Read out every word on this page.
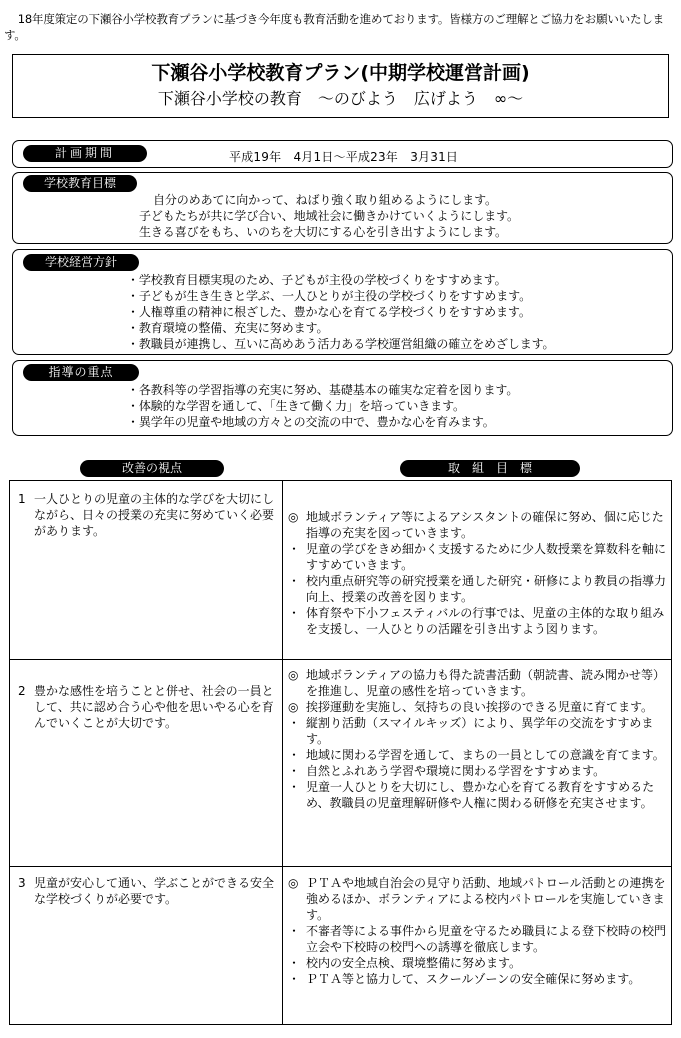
18年度策定の下瀬谷小学校教育プランに基づき今年度も教育活動を進めております。皆様方のご理解とご協力をお願いいたします。
下瀬谷小学校教育プラン(中期学校運営計画)
下瀬谷小学校の教育　～のびよう　広げよう　∞～
計画期間	平成19年　4月1日～平成23年　3月31日
学校教育目標
自分のめあてに向かって、ねばり強く取り組めるようにします。
子どもたちが共に学び合い、地域社会に働きかけていくようにします。
生きる喜びをもち、いのちを大切にする心を引き出すようにします。
学校経営方針
・学校教育目標実現のため、子どもが主役の学校づくりをすすめます。
・子どもが生き生きと学ぶ、一人ひとりが主役の学校づくりをすすめます。
・人権尊重の精神に根ざした、豊かな心を育てる学校づくりをすすめます。
・教育環境の整備、充実に努めます。
・教職員が連携し、互いに高めあう活力ある学校運営組織の確立をめざします。
指導の重点
・各教科等の学習指導の充実に努め、基礎基本の確実な定着を図ります。
・体験的な学習を通して、「生きて働く力」を培っていきます。
・異学年の児童や地域の方々との交流の中で、豊かな心を育みます。
改善の視点	取　組　目　標
1 一人ひとりの児童の主体的な学びを大切にしながら、日々の授業の充実に努めていく必要があります。
◎ 地域ボランティア等によるアシスタントの確保に努め、個に応じた指導の充実を図っていきます。
・ 児童の学びをきめ細かく支援するために少人数授業を算数科を軸にすすめていきます。
・ 校内重点研究等の研究授業を通した研究・研修により教員の指導力向上、授業の改善を図ります。
・ 体育祭や下小フェスティバルの行事では、児童の主体的な取り組みを支援し、一人ひとりの活躍を引き出すよう図ります。
2 豊かな感性を培うことと併せ、社会の一員として、共に認め合う心や他を思いやる心を育んでいくことが大切です。
◎ 地域ボランティアの協力も得た読書活動（朝読書、読み聞かせ等）を推進し、児童の感性を培っていきます。
◎ 挨拶運動を実施し、気持ちの良い挨拶のできる児童に育てます。
・ 縦割り活動（スマイルキッズ）により、異学年の交流をすすめます。
・ 地域に関わる学習を通して、まちの一員としての意識を育てます。
・ 自然とふれあう学習や環境に関わる学習をすすめます。
・ 児童一人ひとりを大切にし、豊かな心を育てる教育をすすめるため、教職員の児童理解研修や人権に関わる研修を充実させます。
3 児童が安心して通い、学ぶことができる安全な学校づくりが必要です。
◎ ＰＴＡや地域自治会の見守り活動、地域パトロール活動との連携を強めるほか、ボランティアによる校内パトロールを実施していきます。
・ 不審者等による事件から児童を守るため職員による登下校時の校門立会や下校時の校門への誘導を徹底します。
・ 校内の安全点検、環境整備に努めます。
・ ＰＴＡ等と協力して、スクールゾーンの安全確保に努めます。
